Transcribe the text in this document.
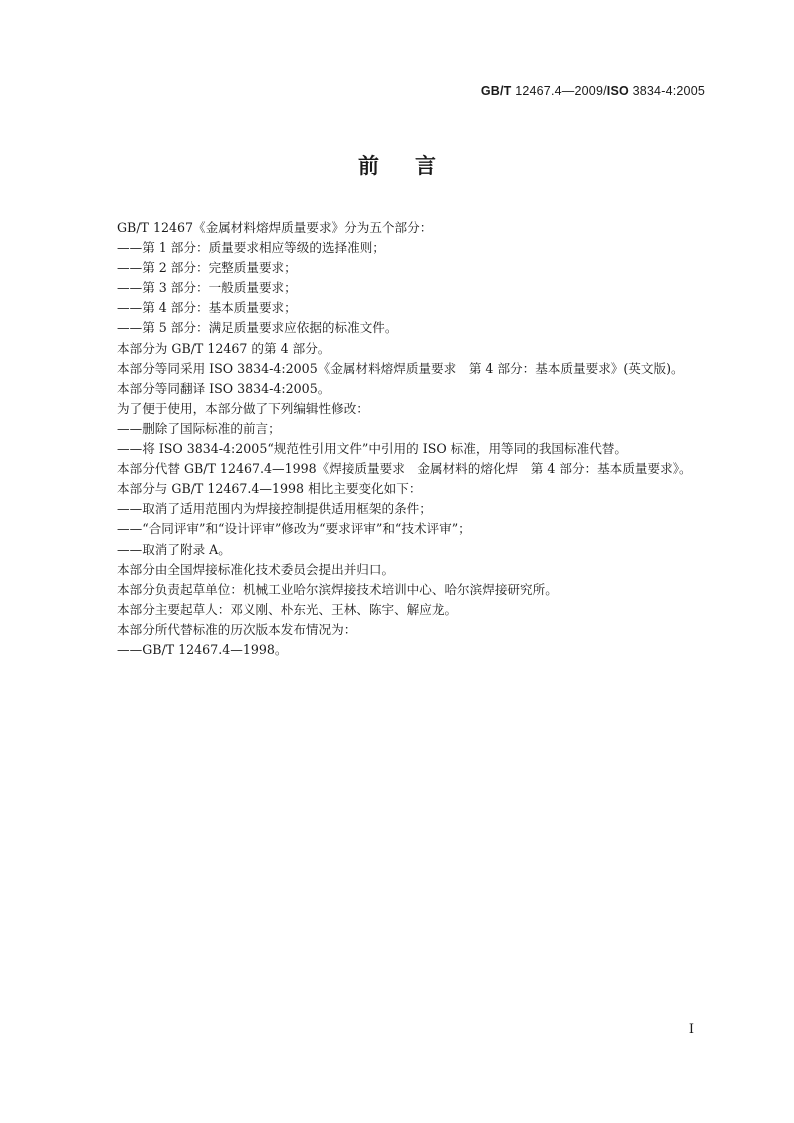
GB/T 12467.4—2009/ISO 3834-4:2005
前言

GB/T 12467《金属材料熔焊质量要求》分为五个部分：

——第 1 部分：质量要求相应等级的选择准则；

——第 2 部分：完整质量要求；

——第 3 部分：一般质量要求；

——第 4 部分：基本质量要求；

——第 5 部分：满足质量要求应依据的标准文件。

本部分为 GB/T 12467 的第 4 部分。

本部分等同采用 ISO 3834-4:2005《金属材料熔焊质量要求　第 4 部分：基本质量要求》(英文版)。

本部分等同翻译 ISO 3834-4:2005。

为了便于使用，本部分做了下列编辑性修改：

——删除了国际标准的前言；

——将 ISO 3834-4:2005“规范性引用文件”中引用的 ISO 标准，用等同的我国标准代替。

本部分代替 GB/T 12467.4—1998《焊接质量要求　金属材料的熔化焊　第 4 部分：基本质量要求》。

本部分与 GB/T 12467.4—1998 相比主要变化如下：

——取消了适用范围内为焊接控制提供适用框架的条件；

——“合同评审”和“设计评审”修改为“要求评审”和“技术评审”；

——取消了附录 A。

本部分由全国焊接标准化技术委员会提出并归口。

本部分负责起草单位：机械工业哈尔滨焊接技术培训中心、哈尔滨焊接研究所。

本部分主要起草人：邓义刚、朴东光、王林、陈宇、解应龙。

本部分所代替标准的历次版本发布情况为：

——GB/T 12467.4—1998。

I
